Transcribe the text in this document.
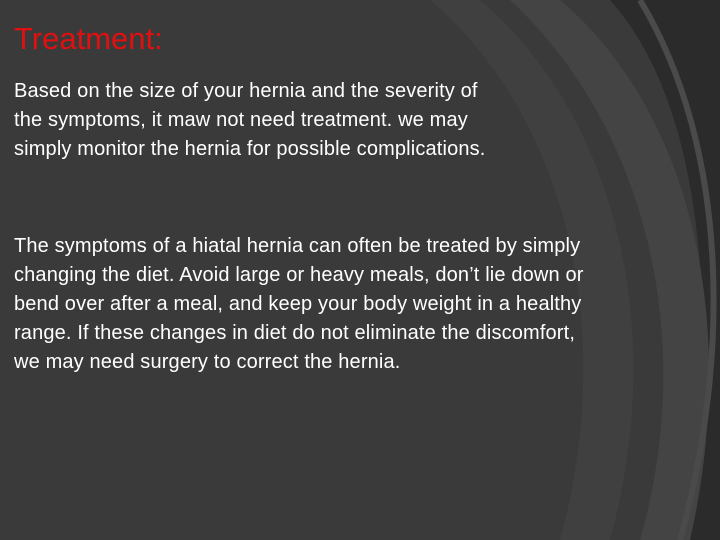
Treatment:

Based on the size of your hernia and the severity of
the symptoms, it maw not need treatment. we may
simply monitor the hernia for possible complications.

The symptoms of a hiatal hernia can often be treated by simply
changing the diet. Avoid large or heavy meals, don’t lie down or
bend over after a meal, and keep your body weight in a healthy
range. If these changes in diet do not eliminate the discomfort,
we may need surgery to correct the hernia.
